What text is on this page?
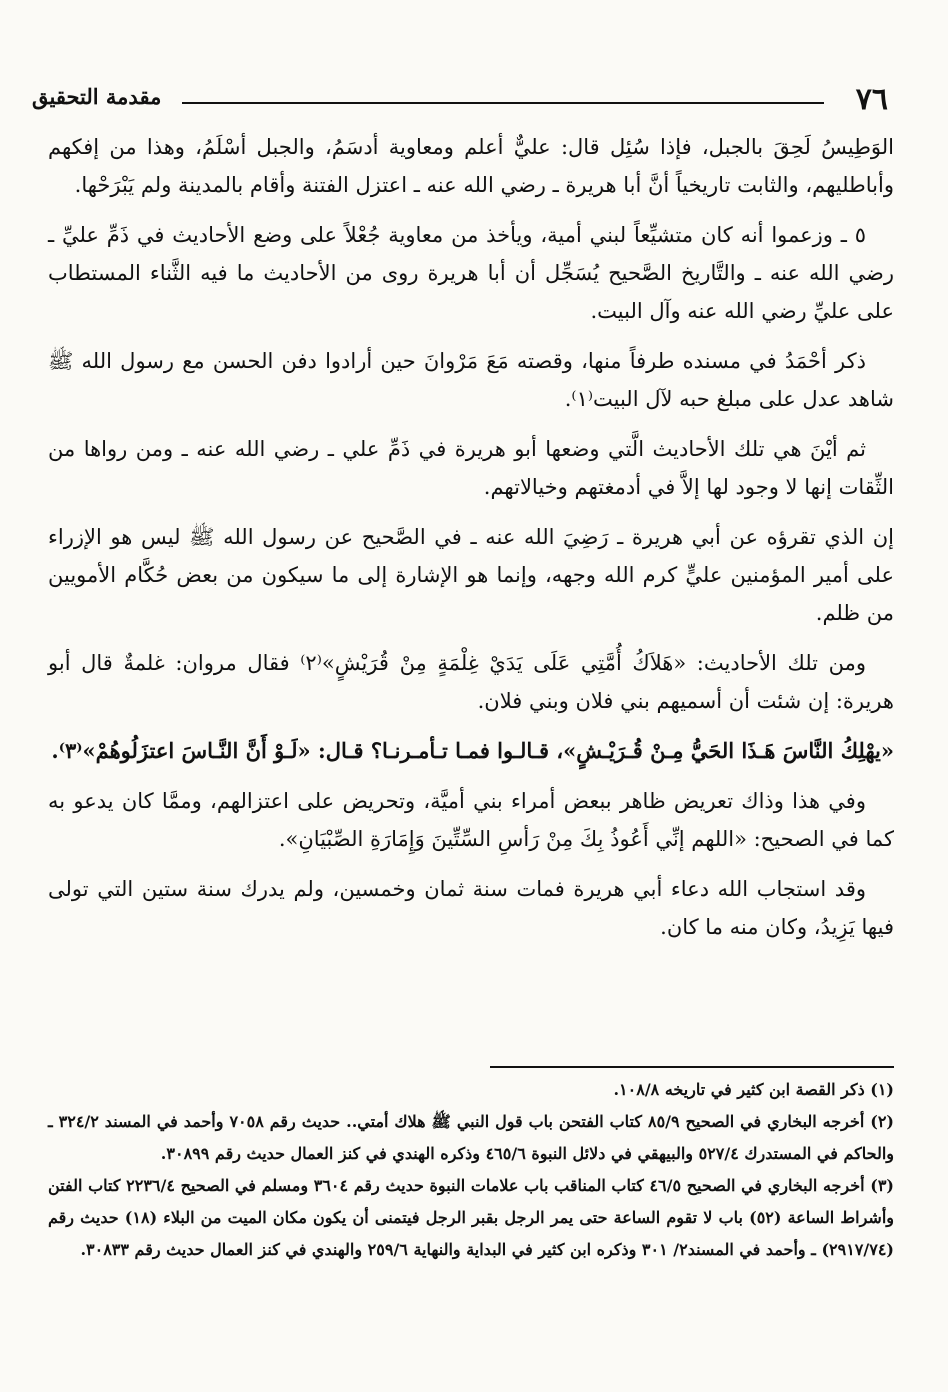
٧٦
مقدمة التحقيق

الوَطِيسُ لَحِقَ بالجبل، فإذا سُئِل قال: عليٌّ أعلم ومعاوية أدسَمُ، والجبل أسْلَمُ، وهذا من إفكهم وأباطليهم، والثابت تاريخياً أنَّ أبا هريرة ـ رضي الله عنه ـ اعتزل الفتنة وأقام بالمدينة ولم يَبْرَحْها.

٥ ـ وزعموا أنه كان متشيِّعاً لبني أمية، ويأخذ من معاوية جُعْلاً على وضع الأحاديث في ذَمِّ عليِّ ـ رضي الله عنه ـ والتَّاريخ الصَّحيح يُسَجِّل أن أبا هريرة روى من الأحاديث ما فيه الثَّناء المستطاب على عليِّ رضي الله عنه وآل البيت.

ذكر أحْمَدُ في مسنده طرفاً منها، وقصته مَعَ مَرْوانَ حين أرادوا دفن الحسن مع رسول الله ﷺ شاهد عدل على مبلغ حبه لآل البيت⁽١⁾.

ثم أيْنَ هي تلك الأحاديث الَّتي وضعها أبو هريرة في ذَمِّ علي ـ رضي الله عنه ـ ومن رواها من الثِّقات إنها لا وجود لها إلاَّ في أدمغتهم وخيالاتهم.

إن الذي تقرؤه عن أبي هريرة ـ رَضِيَ الله عنه ـ في الصَّحيح عن رسول الله ﷺ ليس هو الإزراء على أمير المؤمنين عليٍّ كرم الله وجهه، وإنما هو الإشارة إلى ما سيكون من بعض حُكَّام الأمويين من ظلم.

ومن تلك الأحاديث: «هَلاَكُ أُمَّتِي عَلَى يَدَيْ غِلْمَةٍ مِنْ قُرَيْشٍ»⁽٢⁾ فقال مروان: غلمةٌ قال أبو هريرة: إن شئت أن أسميهم بني فلان وبني فلان.

«يهْلِكُ النَّاسَ هَـذَا الحَيُّ مِـنْ قُـرَيْـشٍ»، قـالـوا فمـا تـأمـرنـا؟ قـال: «لَـوْ أَنَّ النَّـاسَ اعتزَلُوهُمْ»⁽٣⁾.

وفي هذا وذاك تعريض ظاهر ببعض أمراء بني أميَّة، وتحريض على اعتزالهم، وممَّا كان يدعو به كما في الصحيح: «اللهم إنِّي أَعُوذُ بِكَ مِنْ رَأسِ السِّتِّينَ وَإِمَارَةِ الصِّبْيَانِ».

وقد استجاب الله دعاء أبي هريرة فمات سنة ثمان وخمسين، ولم يدرك سنة ستين التي تولى فيها يَزِيدُ، وكان منه ما كان.

(١) ذكر القصة ابن كثير في تاريخه ١٠٨/٨.

(٢) أخرجه البخاري في الصحيح ٨٥/٩ كتاب الفتحن باب قول النبي ﷺ هلاك أمتي.. حديث رقم ٧٠٥٨ وأحمد في المسند ٣٢٤/٢ ـ والحاكم في المستدرك ٥٢٧/٤ والبيهقي في دلائل النبوة ٤٦٥/٦ وذكره الهندي في كنز العمال حديث رقم ٣٠٨٩٩.

(٣) أخرجه البخاري في الصحيح ٤٦/٥ كتاب المناقب باب علامات النبوة حديث رقم ٣٦٠٤ ومسلم في الصحيح ٢٢٣٦/٤ كتاب الفتن وأشراط الساعة (٥٢) باب لا تقوم الساعة حتى يمر الرجل بقبر الرجل فيتمنى أن يكون مكان الميت من البلاء (١٨) حديث رقم (٢٩١٧/٧٤) ـ وأحمد في المسند٢/ ٣٠١ وذكره ابن كثير في البداية والنهاية ٢٥٩/٦ والهندي في كنز العمال حديث رقم ٣٠٨٣٣.
